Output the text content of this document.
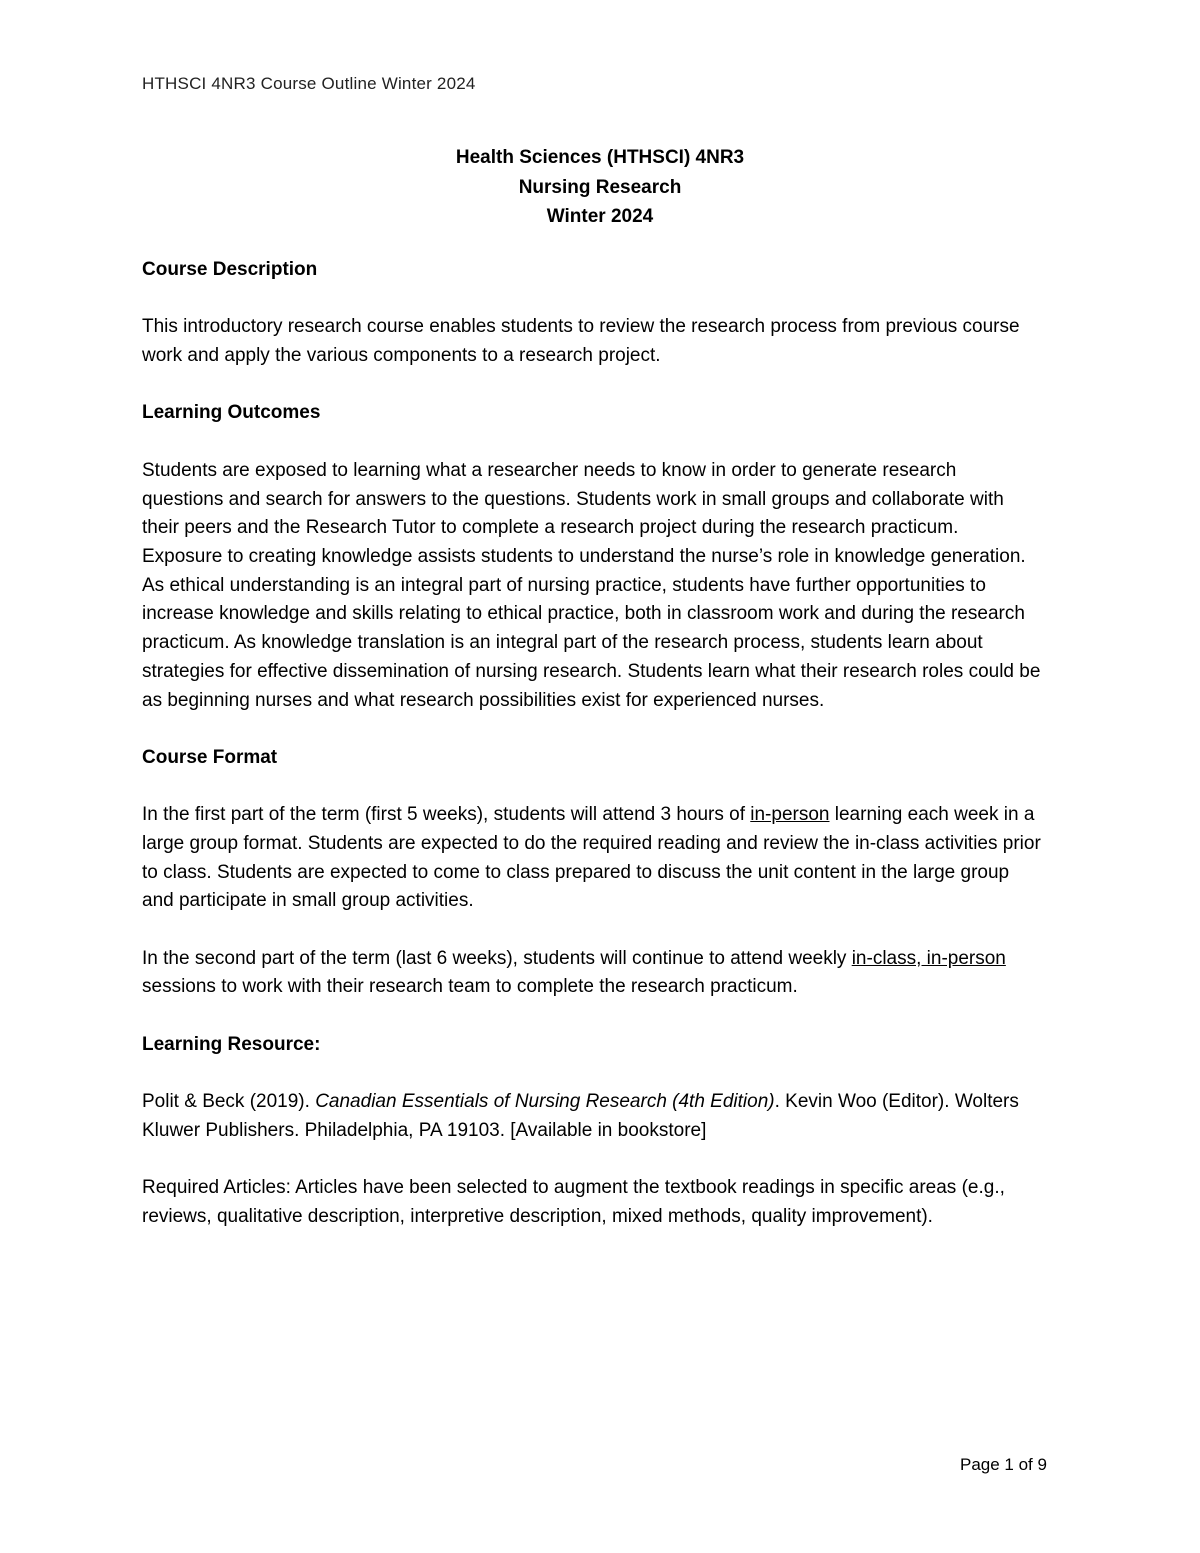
HTHSCI 4NR3 Course Outline Winter 2024
Health Sciences (HTHSCI) 4NR3
Nursing Research
Winter 2024
Course Description

This introductory research course enables students to review the research process from previous course work and apply the various components to a research project.

Learning Outcomes

Students are exposed to learning what a researcher needs to know in order to generate research questions and search for answers to the questions. Students work in small groups and collaborate with their peers and the Research Tutor to complete a research project during the research practicum. Exposure to creating knowledge assists students to understand the nurse’s role in knowledge generation. As ethical understanding is an integral part of nursing practice, students have further opportunities to increase knowledge and skills relating to ethical practice, both in classroom work and during the research practicum. As knowledge translation is an integral part of the research process, students learn about strategies for effective dissemination of nursing research. Students learn what their research roles could be as beginning nurses and what research possibilities exist for experienced nurses.

Course Format

In the first part of the term (first 5 weeks), students will attend 3 hours of in-person learning each week in a large group format. Students are expected to do the required reading and review the in-class activities prior to class. Students are expected to come to class prepared to discuss the unit content in the large group and participate in small group activities.

In the second part of the term (last 6 weeks), students will continue to attend weekly in-class, in-person sessions to work with their research team to complete the research practicum.

Learning Resource:

Polit & Beck (2019). Canadian Essentials of Nursing Research (4th Edition). Kevin Woo (Editor). Wolters Kluwer Publishers. Philadelphia, PA 19103. [Available in bookstore]

Required Articles: Articles have been selected to augment the textbook readings in specific areas (e.g., reviews, qualitative description, interpretive description, mixed methods, quality improvement).

Page 1 of 9
